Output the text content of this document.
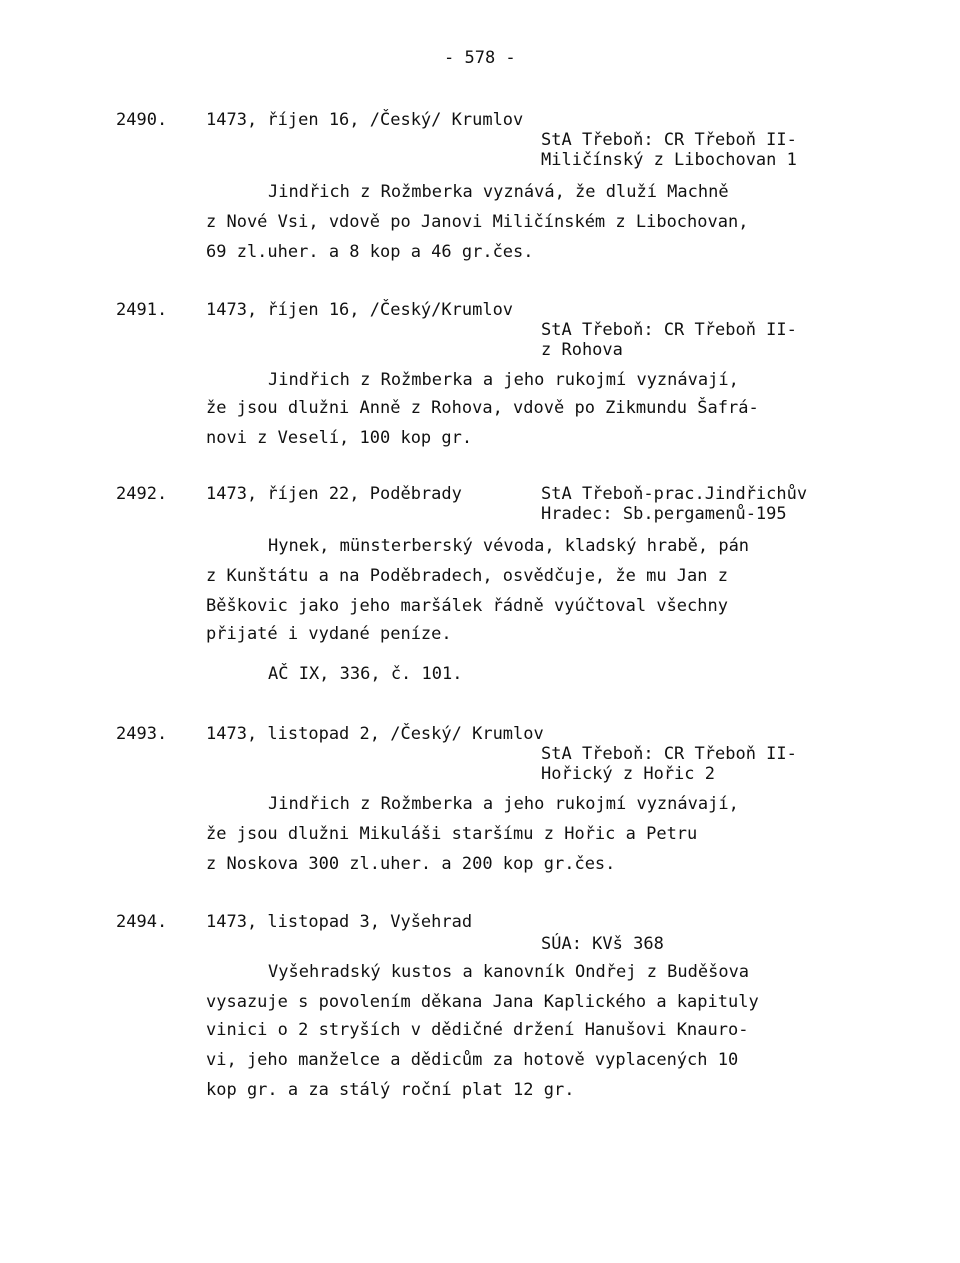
- 578 -
2490. 1473, říjen 16, /Český/ Krumlov
StA Třeboň: CR Třeboň II-
Miličínský z Libochovan 1
Jindřich z Rožmberka vyznává, že dluží Machně
z Nové Vsi, vdově po Janovi Miličínském z Libochovan,
69 zl.uher. a 8 kop a 46 gr.čes.
2491. 1473, říjen 16, /Český/Krumlov
StA Třeboň: CR Třeboň II-
z Rohova
Jindřich z Rožmberka a jeho rukojmí vyznávají,
že jsou dlužni Anně z Rohova, vdově po Zikmundu Šafrá-
novi z Veselí, 100 kop gr.
2492. 1473, říjen 22, Poděbrady	StA Třeboň-prac.Jindřichův
Hradec: Sb.pergamenů-195
Hynek, münsterberský vévoda, kladský hrabě, pán
z Kunštátu a na Poděbradech, osvědčuje, že mu Jan z
Běškovic jako jeho maršálek řádně vyúčtoval všechny
přijaté i vydané peníze.
AČ IX, 336, č. 101.
2493. 1473, listopad 2, /Český/ Krumlov
StA Třeboň: CR Třeboň II-
Hořický z Hořic 2
Jindřich z Rožmberka a jeho rukojmí vyznávají,
že jsou dlužni Mikuláši staršímu z Hořic a Petru
z Noskova 300 zl.uher. a 200 kop gr.čes.
2494. 1473, listopad 3, Vyšehrad
SÚA: KVš 368
Vyšehradský kustos a kanovník Ondřej z Buděšova
vysazuje s povolením děkana Jana Kaplického a kapituly
vinici o 2 stryších v dědičné držení Hanušovi Knauro-
vi, jeho manželce a dědicům za hotově vyplacených 10
kop gr. a za stálý roční plat 12 gr.
